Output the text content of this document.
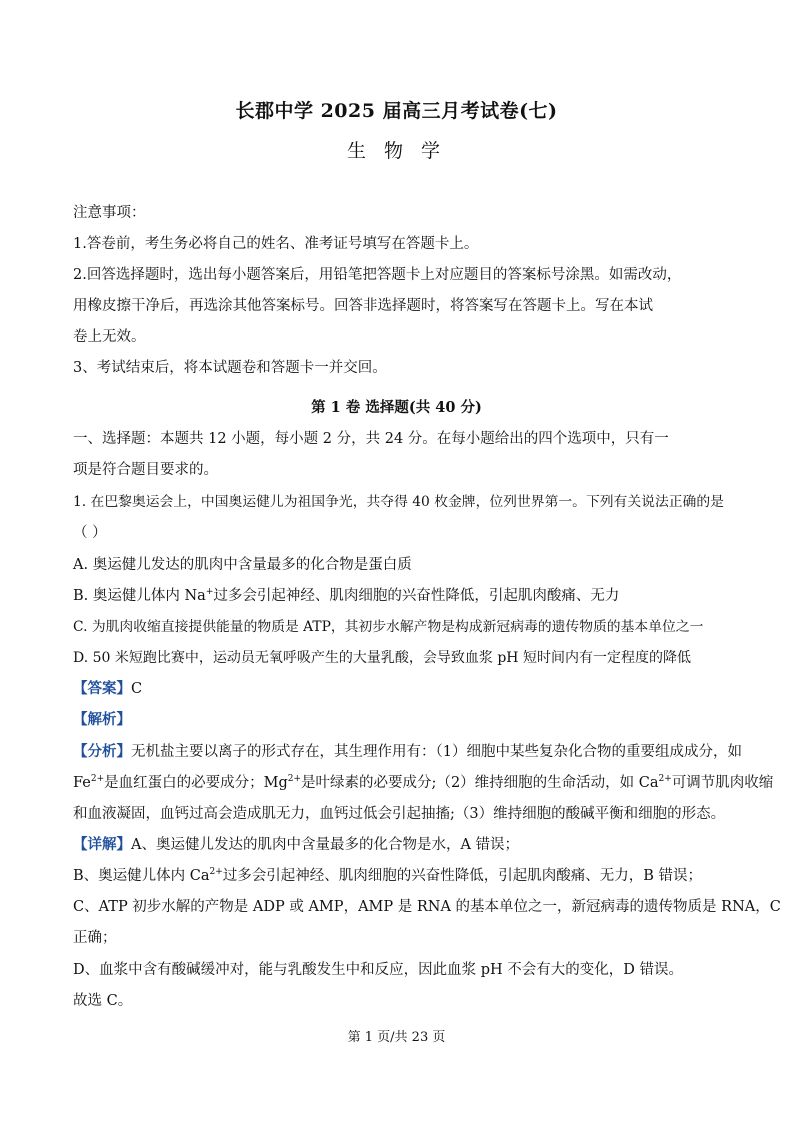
长郡中学 2025 届高三月考试卷(七)
生 物 学
注意事项：
1.答卷前，考生务必将自己的姓名、准考证号填写在答题卡上。
2.回答选择题时，选出每小题答案后，用铅笔把答题卡上对应题目的答案标号涂黑。如需改动，
用橡皮擦干净后，再选涂其他答案标号。回答非选择题时，将答案写在答题卡上。写在本试
卷上无效。
3、考试结束后，将本试题卷和答题卡一并交回。
第 1 卷 选择题(共 40 分)
一、选择题：本题共 12 小题，每小题 2 分，共 24 分。在每小题给出的四个选项中，只有一
项是符合题目要求的。
1. 在巴黎奥运会上，中国奥运健儿为祖国争光，共夺得 40 枚金牌，位列世界第一。下列有关说法正确的是
（ ）
A. 奥运健儿发达的肌肉中含量最多的化合物是蛋白质
B. 奥运健儿体内 Na+过多会引起神经、肌肉细胞的兴奋性降低，引起肌肉酸痛、无力
C. 为肌肉收缩直接提供能量的物质是 ATP，其初步水解产物是构成新冠病毒的遗传物质的基本单位之一
D. 50 米短跑比赛中，运动员无氧呼吸产生的大量乳酸，会导致血浆 pH 短时间内有一定程度的降低
【答案】C
【解析】
【分析】无机盐主要以离子的形式存在，其生理作用有：（1）细胞中某些复杂化合物的重要组成成分，如
$Fe^{2+}$是血红蛋白的必要成分；$Mg^{2+}$是叶绿素的必要成分;（2）维持细胞的生命活动，如 $Ca^{2+}$可调节肌肉收缩
和血液凝固，血钙过高会造成肌无力，血钙过低会引起抽搐;（3）维持细胞的酸碱平衡和细胞的形态。
【详解】A、奥运健儿发达的肌肉中含量最多的化合物是水，A 错误；
B、奥运健儿体内 $Ca^{2+}$过多会引起神经、肌肉细胞的兴奋性降低，引起肌肉酸痛、无力，B 错误；
C、ATP 初步水解的产物是 ADP 或 AMP，AMP 是 RNA 的基本单位之一，新冠病毒的遗传物质是 RNA，C
正确；
D、血浆中含有酸碱缓冲对，能与乳酸发生中和反应，因此血浆 pH 不会有大的变化，D 错误。
故选 C。
第 1 页/共 23 页
